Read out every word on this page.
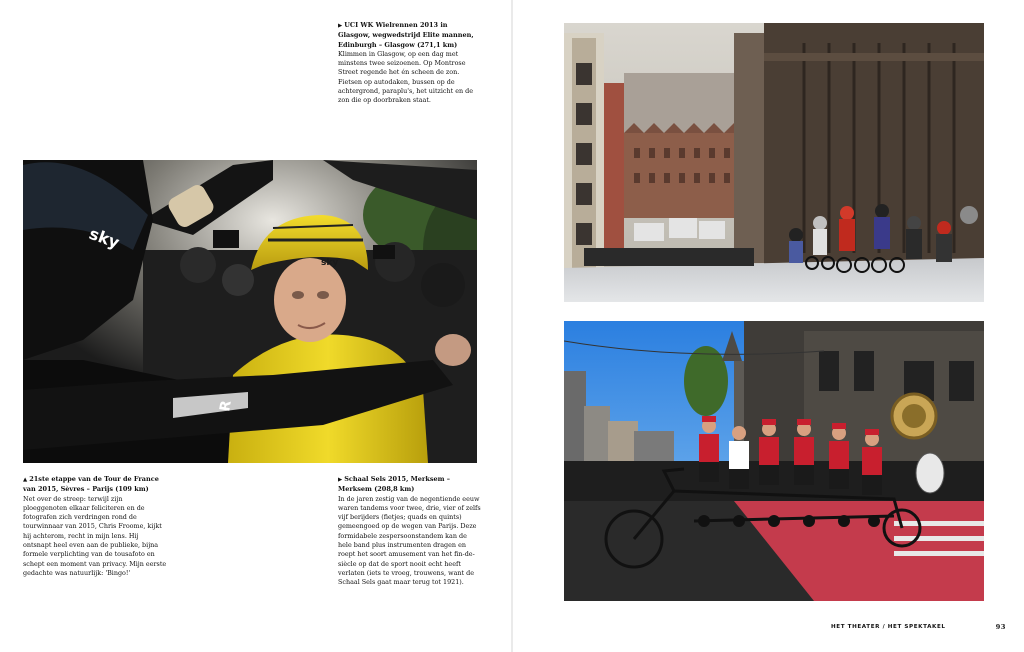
▶ UCI WK Wielrennen 2013 in Glasgow, wegwedstrijd Elite mannen, Edinburgh – Glasgow (271,1 km)
Klimmen in Glasgow, op een dag met minstens twee seizoenen. Op Montrose Street regende het én scheen de zon. Fietsen op autodaken, bussen op de achtergrond, paraplu's, het uitzicht en de zon die op doorbraken staat.
sky
sky
R
▲ 21ste etappe van de Tour de France van 2015, Sèvres – Parijs (109 km)
Net over de streep: terwijl zijn ploeggenoten elkaar feliciteren en de fotografen zich verdringen rond de tourwinnaar van 2015, Chris Froome, kijkt hij achterom, recht in mijn lens. Hij ontsnapt heel even aan de publieke, bijna formele verplichting van de tousafoto en schept een moment van privacy. Mijn eerste gedachte was natuurlijk: 'Bingo!'
▶ Schaal Sels 2015, Merksem – Merksem (208,8 km)
In de jaren zestig van de negentiende eeuw waren tandems voor twee, drie, vier of zelfs vijf berijders (fietjes; quads en quints) gemeengoed op de wegen van Parijs. Deze formidabele zespersoonstandem kan de hele band plus instrumenten dragen en roept het soort amusement van het fin-de-siècle op dat de sport nooit echt heeft verlaten (iets te vroeg, trouwens, want de Schaal Sels gaat maar terug tot 1921).
HET THEATER / HET SPEKTAKEL	93
